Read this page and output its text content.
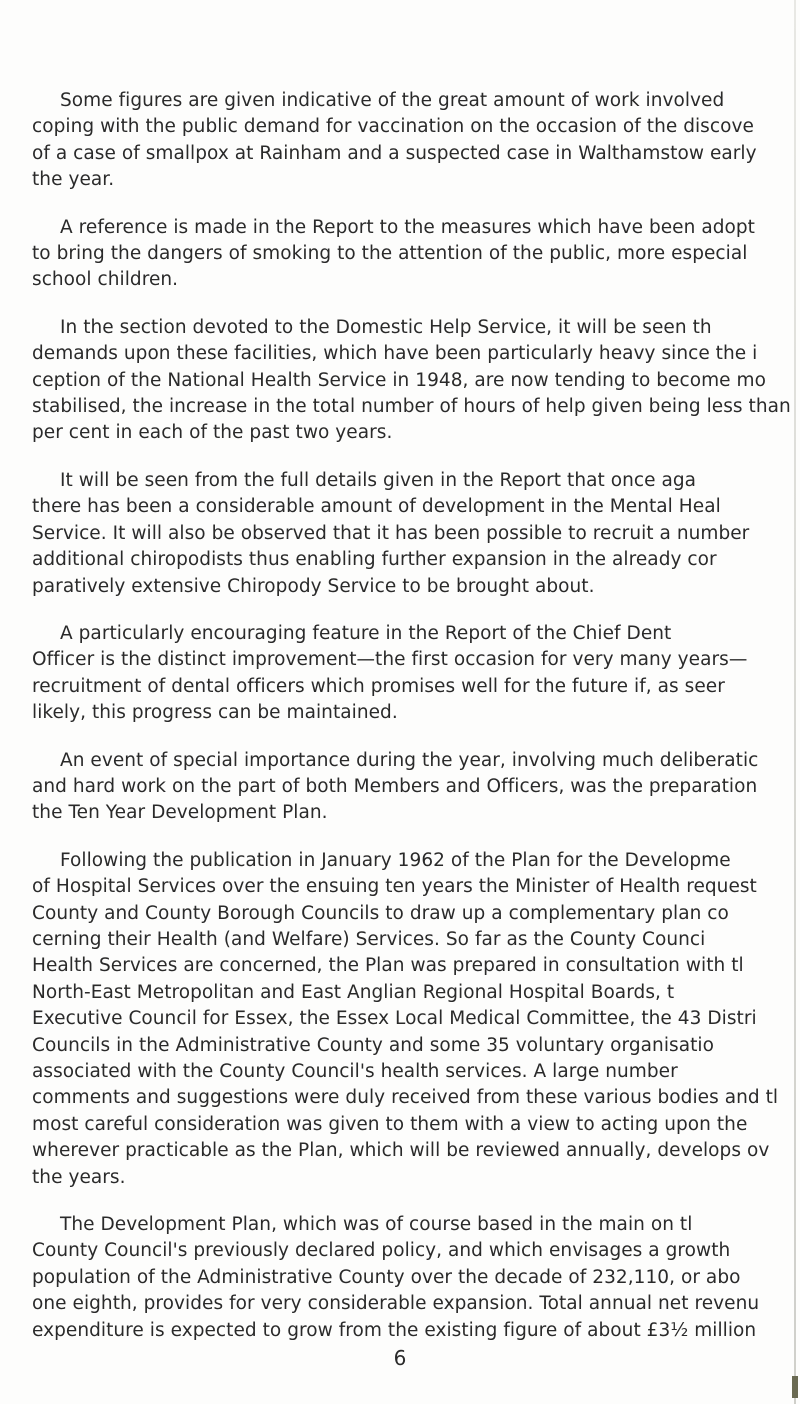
Some figures are given indicative of the great amount of work involved
coping with the public demand for vaccination on the occasion of the discove
of a case of smallpox at Rainham and a suspected case in Walthamstow early
the year.
A reference is made in the Report to the measures which have been adopt
to bring the dangers of smoking to the attention of the public, more especial
school children.
In the section devoted to the Domestic Help Service, it will be seen th
demands upon these facilities, which have been particularly heavy since the i
ception of the National Health Service in 1948, are now tending to become mo
stabilised, the increase in the total number of hours of help given being less than
per cent in each of the past two years.
It will be seen from the full details given in the Report that once aga
there has been a considerable amount of development in the Mental Heal
Service. It will also be observed that it has been possible to recruit a number
additional chiropodists thus enabling further expansion in the already cor
paratively extensive Chiropody Service to be brought about.
A particularly encouraging feature in the Report of the Chief Dent
Officer is the distinct improvement—the first occasion for very many years—
recruitment of dental officers which promises well for the future if, as seer
likely, this progress can be maintained.
An event of special importance during the year, involving much deliberatic
and hard work on the part of both Members and Officers, was the preparation
the Ten Year Development Plan.
Following the publication in January 1962 of the Plan for the Developme
of Hospital Services over the ensuing ten years the Minister of Health request
County and County Borough Councils to draw up a complementary plan co
cerning their Health (and Welfare) Services. So far as the County Counci
Health Services are concerned, the Plan was prepared in consultation with tl
North-East Metropolitan and East Anglian Regional Hospital Boards, t
Executive Council for Essex, the Essex Local Medical Committee, the 43 Distri
Councils in the Administrative County and some 35 voluntary organisatio
associated with the County Council's health services. A large number
comments and suggestions were duly received from these various bodies and tl
most careful consideration was given to them with a view to acting upon the
wherever practicable as the Plan, which will be reviewed annually, develops ov
the years.
The Development Plan, which was of course based in the main on tl
County Council's previously declared policy, and which envisages a growth
population of the Administrative County over the decade of 232,110, or abo
one eighth, provides for very considerable expansion. Total annual net revenu
expenditure is expected to grow from the existing figure of about £3½ million
6
